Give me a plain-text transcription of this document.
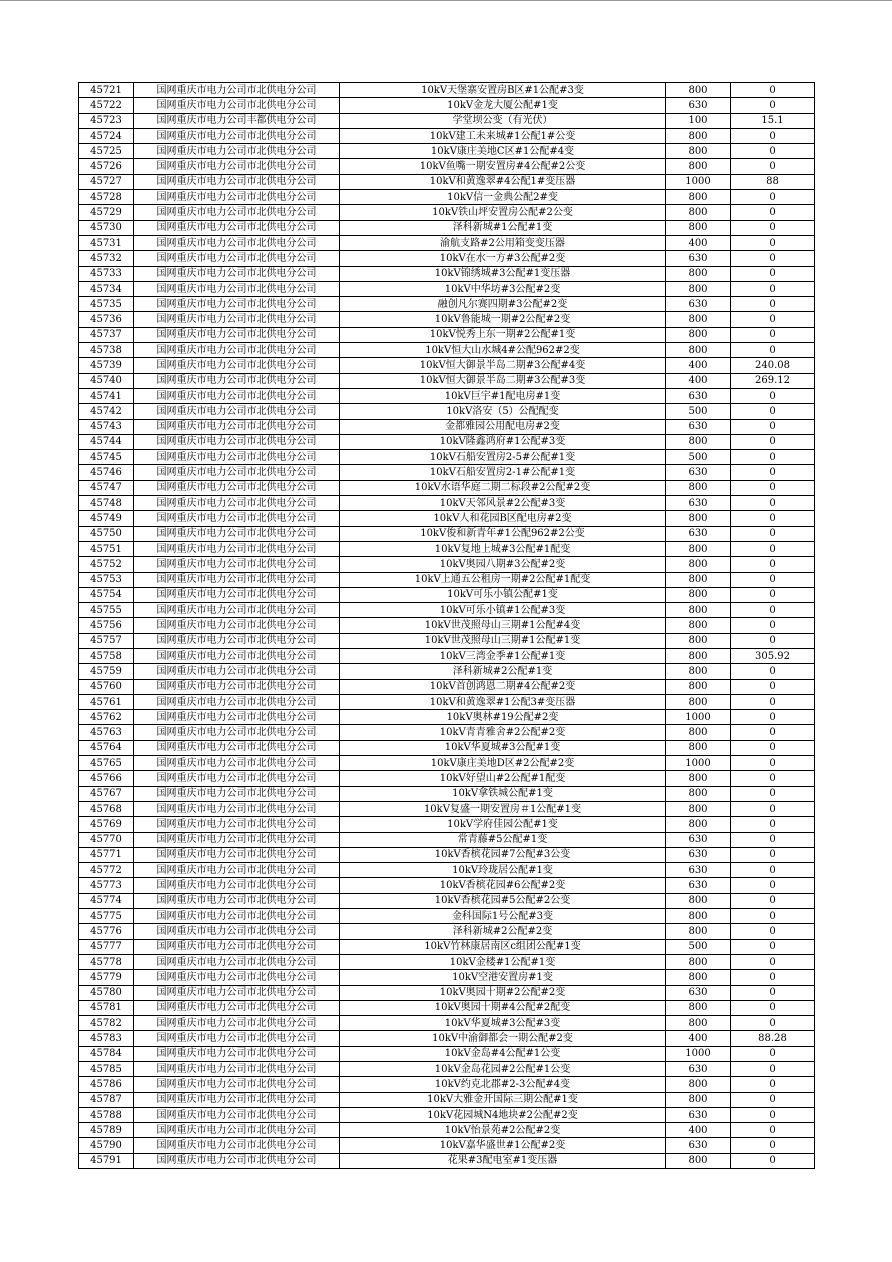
45721	国网重庆市电力公司市北供电分公司	10kV天堡寨安置房B区#1公配#3变	800	0
45722	国网重庆市电力公司市北供电分公司	10kV金龙大厦公配#1变	630	0
45723	国网重庆市电力公司丰都供电分公司	学堂坝公变（有光伏）	100	15.1
45724	国网重庆市电力公司市北供电分公司	10kV建工未来城#1公配1#公变	800	0
45725	国网重庆市电力公司市北供电分公司	10kV康庄美地C区#1公配#4变	800	0
45726	国网重庆市电力公司市北供电分公司	10kV鱼嘴一期安置房#4公配#2公变	800	0
45727	国网重庆市电力公司市北供电分公司	10kV和黄逸翠#4公配1#变压器	1000	88
45728	国网重庆市电力公司市北供电分公司	10kV信一金典公配2#变	800	0
45729	国网重庆市电力公司市北供电分公司	10kV铁山坪安置房公配#2公变	800	0
45730	国网重庆市电力公司市北供电分公司	泽科新城#1公配#1变	800	0
45731	国网重庆市电力公司市北供电分公司	渝航支路#2公用箱变变压器	400	0
45732	国网重庆市电力公司市北供电分公司	10kV在水一方#3公配#2变	630	0
45733	国网重庆市电力公司市北供电分公司	10kV锦绣城#3公配#1变压器	800	0
45734	国网重庆市电力公司市北供电分公司	10kV中华坊#3公配#2变	800	0
45735	国网重庆市电力公司市北供电分公司	融创凡尔赛四期#3公配#2变	630	0
45736	国网重庆市电力公司市北供电分公司	10kV鲁能城一期#2公配#2变	800	0
45737	国网重庆市电力公司市北供电分公司	10kV悦秀上东一期#2公配#1变	800	0
45738	国网重庆市电力公司市北供电分公司	10kV恒大山水城4#公配962#2变	800	0
45739	国网重庆市电力公司市北供电分公司	10kV恒大御景半岛二期#3公配#4变	400	240.08
45740	国网重庆市电力公司市北供电分公司	10kV恒大御景半岛二期#3公配#3变	400	269.12
45741	国网重庆市电力公司市北供电分公司	10kV巨宇#1配电房#1变	630	0
45742	国网重庆市电力公司市北供电分公司	10kV洛安（5）公配配变	500	0
45743	国网重庆市电力公司市北供电分公司	金都雅园公用配电房#2变	630	0
45744	国网重庆市电力公司市北供电分公司	10kV隆鑫鸿府#1公配#3变	800	0
45745	国网重庆市电力公司市北供电分公司	10kV石船安置房2-5#公配#1变	500	0
45746	国网重庆市电力公司市北供电分公司	10kV石船安置房2-1#公配#1变	630	0
45747	国网重庆市电力公司市北供电分公司	10kV水语华庭二期二标段#2公配#2变	800	0
45748	国网重庆市电力公司市北供电分公司	10kV天邻风景#2公配#3变	630	0
45749	国网重庆市电力公司市北供电分公司	10kV人和花园B区配电房#2变	800	0
45750	国网重庆市电力公司市北供电分公司	10kV俊和新青年#1公配962#2公变	630	0
45751	国网重庆市电力公司市北供电分公司	10kV复地上城#3公配#1配变	800	0
45752	国网重庆市电力公司市北供电分公司	10kV奥园八期#3公配#2变	800	0
45753	国网重庆市电力公司市北供电分公司	10kV上通五公租房一期#2公配#1配变	800	0
45754	国网重庆市电力公司市北供电分公司	10kV可乐小镇公配#1变	800	0
45755	国网重庆市电力公司市北供电分公司	10kV可乐小镇#1公配#3变	800	0
45756	国网重庆市电力公司市北供电分公司	10kV世茂照母山三期#1公配#4变	800	0
45757	国网重庆市电力公司市北供电分公司	10kV世茂照母山三期#1公配#1变	800	0
45758	国网重庆市电力公司市北供电分公司	10kV三湾金季#1公配#1变	800	305.92
45759	国网重庆市电力公司市北供电分公司	泽科新城#2公配#1变	800	0
45760	国网重庆市电力公司市北供电分公司	10kV首创鸿恩二期#4公配#2变	800	0
45761	国网重庆市电力公司市北供电分公司	10kV和黄逸翠#1公配3#变压器	800	0
45762	国网重庆市电力公司市北供电分公司	10kV奥林#19公配#2变	1000	0
45763	国网重庆市电力公司市北供电分公司	10kV青青雅舍#2公配#2变	800	0
45764	国网重庆市电力公司市北供电分公司	10kV华夏城#3公配#1变	800	0
45765	国网重庆市电力公司市北供电分公司	10kV康庄美地D区#2公配#2变	1000	0
45766	国网重庆市电力公司市北供电分公司	10kV好望山#2公配#1配变	800	0
45767	国网重庆市电力公司市北供电分公司	10kV拿铁城公配#1变	800	0
45768	国网重庆市电力公司市北供电分公司	10kV复盛一期安置房＃1公配#1变	800	0
45769	国网重庆市电力公司市北供电分公司	10kV学府佳园公配#1变	800	0
45770	国网重庆市电力公司市北供电分公司	常青藤#5公配#1变	630	0
45771	国网重庆市电力公司市北供电分公司	10kV香槟花园#7公配#3公变	630	0
45772	国网重庆市电力公司市北供电分公司	10kV玲珑居公配#1变	630	0
45773	国网重庆市电力公司市北供电分公司	10kV香槟花园#6公配#2变	630	0
45774	国网重庆市电力公司市北供电分公司	10kV香槟花园#5公配#2公变	800	0
45775	国网重庆市电力公司市北供电分公司	金科国际1号公配#3变	800	0
45776	国网重庆市电力公司市北供电分公司	泽科新城#2公配#2变	800	0
45777	国网重庆市电力公司市北供电分公司	10kV竹林康居南区c组团公配#1变	500	0
45778	国网重庆市电力公司市北供电分公司	10kV金楼#1公配#1变	800	0
45779	国网重庆市电力公司市北供电分公司	10kV空港安置房#1变	800	0
45780	国网重庆市电力公司市北供电分公司	10kV奥园十期#2公配#2变	630	0
45781	国网重庆市电力公司市北供电分公司	10kV奥园十期#4公配#2配变	800	0
45782	国网重庆市电力公司市北供电分公司	10kV华夏城#3公配#3变	800	0
45783	国网重庆市电力公司市北供电分公司	10kV中渝御都会一期公配#2变	400	88.28
45784	国网重庆市电力公司市北供电分公司	10kV金岛#4公配#1公变	1000	0
45785	国网重庆市电力公司市北供电分公司	10kV金岛花园#2公配#1公变	630	0
45786	国网重庆市电力公司市北供电分公司	10kV约克北郡#2-3公配#4变	800	0
45787	国网重庆市电力公司市北供电分公司	10kV大雅金开国际三期公配#1变	800	0
45788	国网重庆市电力公司市北供电分公司	10kV花园城N4地块#2公配#2变	630	0
45789	国网重庆市电力公司市北供电分公司	10kV怡景苑#2公配#2变	400	0
45790	国网重庆市电力公司市北供电分公司	10kV嘉华盛世#1公配#2变	630	0
45791	国网重庆市电力公司市北供电分公司	花果#3配电室#1变压器	800	0
